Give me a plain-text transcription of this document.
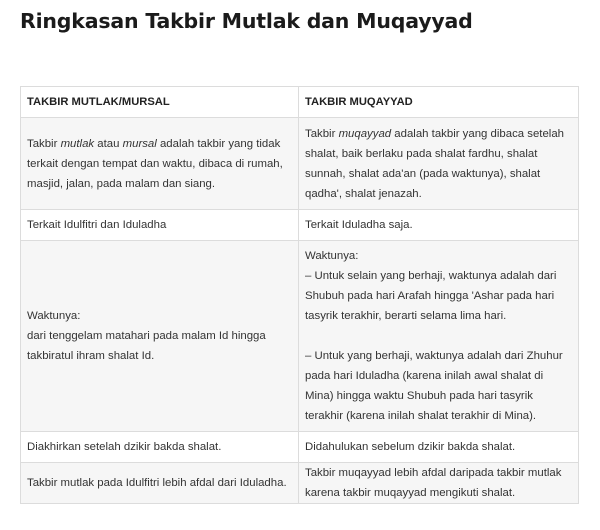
Ringkasan Takbir Mutlak dan Muqayyad
TAKBIR MUTLAK/MURSAL	TAKBIR MUQAYYAD
Takbir mutlak atau mursal adalah takbir yang tidak terkait dengan tempat dan waktu, dibaca di rumah, masjid, jalan, pada malam dan siang.	Takbir muqayyad adalah takbir yang dibaca setelah shalat, baik berlaku pada shalat fardhu, shalat sunnah, shalat ada'an (pada waktunya), shalat qadha', shalat jenazah.
Terkait Idulfitri dan Iduladha	Terkait Iduladha saja.

Waktunya:
dari tenggelam matahari pada malam Id hingga takbiratul ihram shalat Id.	Waktunya:
– Untuk selain yang berhaji, waktunya adalah dari Shubuh pada hari Arafah hingga 'Ashar pada hari tasyrik terakhir, berarti selama lima hari.
– Untuk yang berhaji, waktunya adalah dari Zhuhur pada hari Iduladha (karena inilah awal shalat di Mina) hingga waktu Shubuh pada hari tasyrik terakhir (karena inilah shalat terakhir di Mina).

Diakhirkan setelah dzikir bakda shalat.	Didahulukan sebelum dzikir bakda shalat.
Takbir mutlak pada Idulfitri lebih afdal dari Iduladha.	Takbir muqayyad lebih afdal daripada takbir mutlak karena takbir muqayyad mengikuti shalat.
